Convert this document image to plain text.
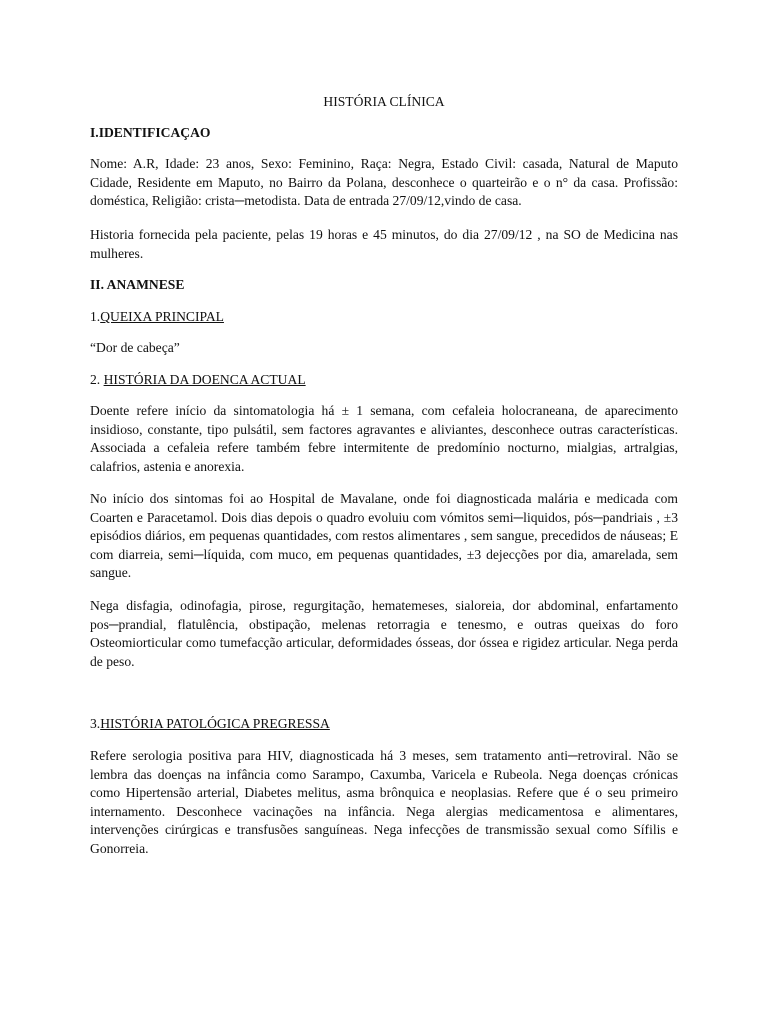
HISTÓRIA CLÍNICA
I.IDENTIFICAÇAO

Nome: A.R, Idade: 23 anos, Sexo: Feminino, Raça: Negra, Estado Civil: casada, Natural de Maputo Cidade, Residente em Maputo, no Bairro da Polana, desconhece o quarteirão e o n° da casa. Profissão: doméstica, Religião: crista─metodista. Data de entrada 27/09/12,vindo de casa.

Historia fornecida pela paciente, pelas 19 horas e 45 minutos, do dia 27/09/12 , na SO de Medicina nas mulheres.

II. ANAMNESE
1.QUEIXA PRINCIPAL
“Dor de cabeça”
2. HISTÓRIA DA DOENCA ACTUAL

Doente refere início da sintomatologia há ± 1 semana, com cefaleia holocraneana, de aparecimento insidioso, constante, tipo pulsátil, sem factores agravantes e aliviantes, desconhece outras características. Associada a cefaleia refere também febre intermitente de predomínio nocturno, mialgias, artralgias, calafrios, astenia e anorexia.

No início dos sintomas foi ao Hospital de Mavalane, onde foi diagnosticada malária e medicada com Coarten e Paracetamol. Dois dias depois o quadro evoluiu com vómitos semi─liquidos, pós─pandriais , ±3 episódios diários, em pequenas quantidades, com restos alimentares , sem sangue, precedidos de náuseas; E com diarreia, semi─líquida, com muco, em pequenas quantidades, ±3 dejecções por dia, amarelada, sem sangue.

Nega disfagia, odinofagia, pirose, regurgitação, hematemeses, sialoreia, dor abdominal, enfartamento pos─prandial, flatulência, obstipação, melenas retorragia e tenesmo, e outras queixas do foro Osteomiorticular como tumefacção articular, deformidades ósseas, dor óssea e rigidez articular. Nega perda de peso.

3.HISTÓRIA PATOLÓGICA PREGRESSA

Refere serologia positiva para HIV, diagnosticada há 3 meses, sem tratamento anti─retroviral. Não se lembra das doenças na infância como Sarampo, Caxumba, Varicela e Rubeola. Nega doenças crónicas como Hipertensão arterial, Diabetes melitus, asma brônquica e neoplasias. Refere que é o seu primeiro internamento. Desconhece vacinações na infância. Nega alergias medicamentosa e alimentares, intervenções cirúrgicas e transfusões sanguíneas. Nega infecções de transmissão sexual como Sífilis e Gonorreia.
